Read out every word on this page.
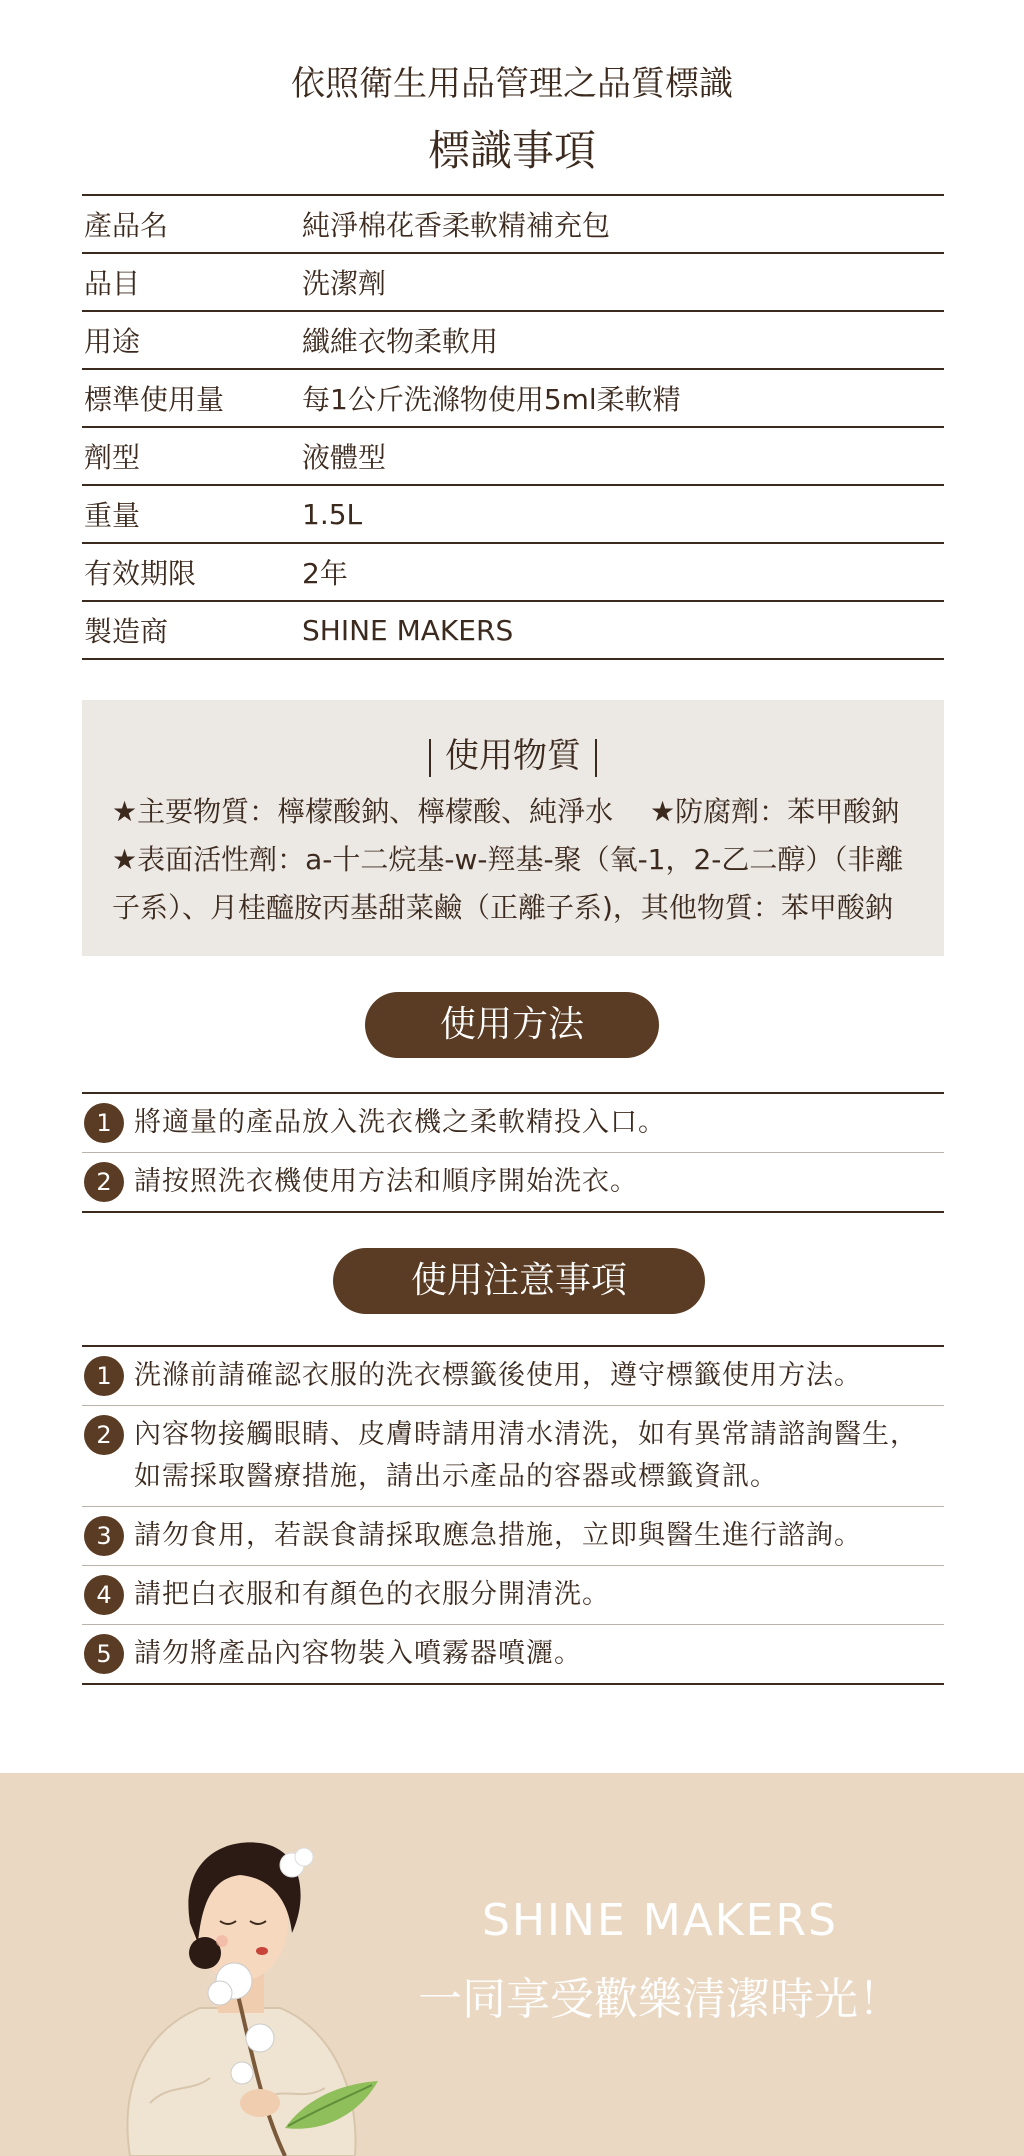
依照衛生用品管理之品質標識
標識事項
產品名	純淨棉花香柔軟精補充包
品目	洗潔劑
用途	纖維衣物柔軟用
標準使用量	每1公斤洗滌物使用5ml柔軟精
劑型	液體型
重量	1.5L
有效期限	2年
製造商	SHINE MAKERS
使用物質
★主要物質：檸檬酸鈉、檸檬酸、純淨水　 ★防腐劑：苯甲酸鈉
★表面活性劑：a-十二烷基-w-羥基-聚（氧-1，2-乙二醇）（非離
子系）、月桂醯胺丙基甜菜鹼（正離子系)，其他物質：苯甲酸鈉
使用方法
1 將適量的產品放入洗衣機之柔軟精投入口。
2 請按照洗衣機使用方法和順序開始洗衣。
使用注意事項
1 洗滌前請確認衣服的洗衣標籤後使用，遵守標籤使用方法。
2 內容物接觸眼睛、皮膚時請用清水清洗，如有異常請諮詢醫生，如需採取醫療措施，請出示產品的容器或標籤資訊。
3 請勿食用，若誤食請採取應急措施，立即與醫生進行諮詢。
4 請把白衣服和有顏色的衣服分開清洗。
5 請勿將產品內容物裝入噴霧器噴灑。
SHINE MAKERS
一同享受歡樂清潔時光！
